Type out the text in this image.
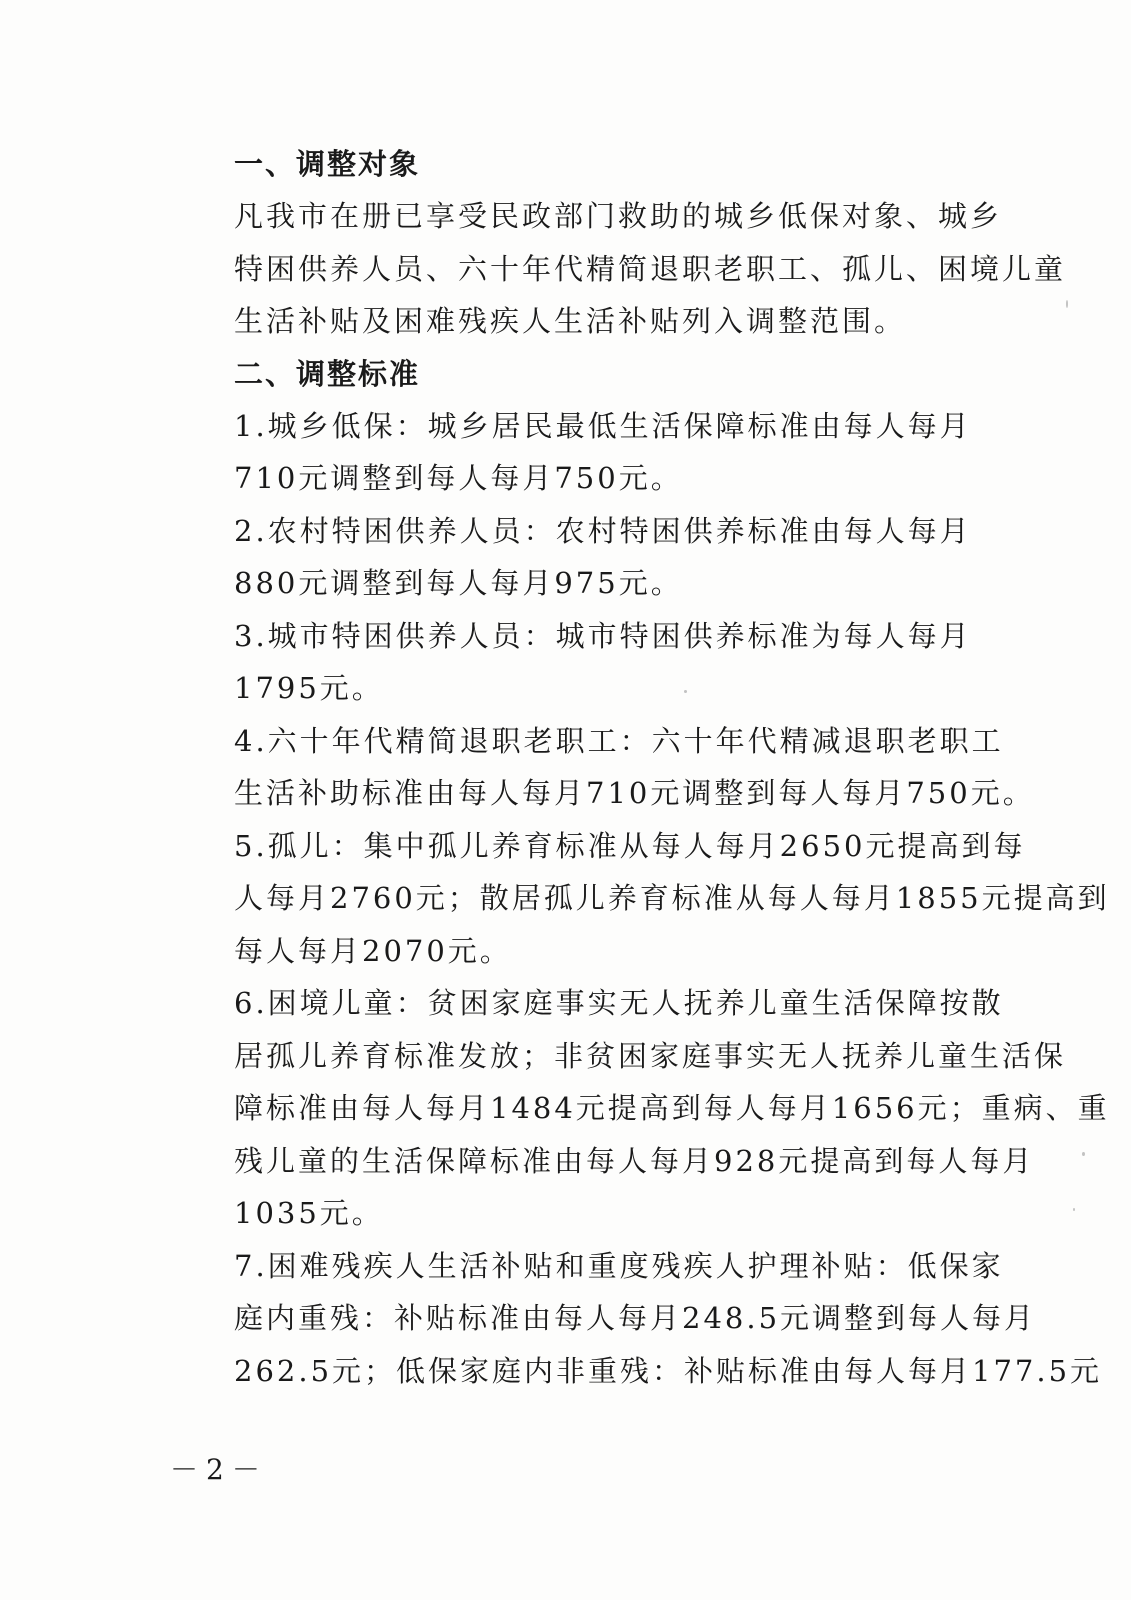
一、调整对象
凡我市在册已享受民政部门救助的城乡低保对象、城乡
特困供养人员、六十年代精简退职老职工、孤儿、困境儿童
生活补贴及困难残疾人生活补贴列入调整范围。
二、调整标准
1.城乡低保：城乡居民最低生活保障标准由每人每月
710元调整到每人每月750元。
2.农村特困供养人员：农村特困供养标准由每人每月
880元调整到每人每月975元。
3.城市特困供养人员：城市特困供养标准为每人每月
1795元。
4.六十年代精简退职老职工：六十年代精减退职老职工
生活补助标准由每人每月710元调整到每人每月750元。
5.孤儿：集中孤儿养育标准从每人每月2650元提高到每
人每月2760元；散居孤儿养育标准从每人每月1855元提高到
每人每月2070元。
6.困境儿童：贫困家庭事实无人抚养儿童生活保障按散
居孤儿养育标准发放；非贫困家庭事实无人抚养儿童生活保
障标准由每人每月1484元提高到每人每月1656元；重病、重
残儿童的生活保障标准由每人每月928元提高到每人每月
1035元。
7.困难残疾人生活补贴和重度残疾人护理补贴：低保家
庭内重残：补贴标准由每人每月248.5元调整到每人每月
262.5元；低保家庭内非重残：补贴标准由每人每月177.5元
－2－
